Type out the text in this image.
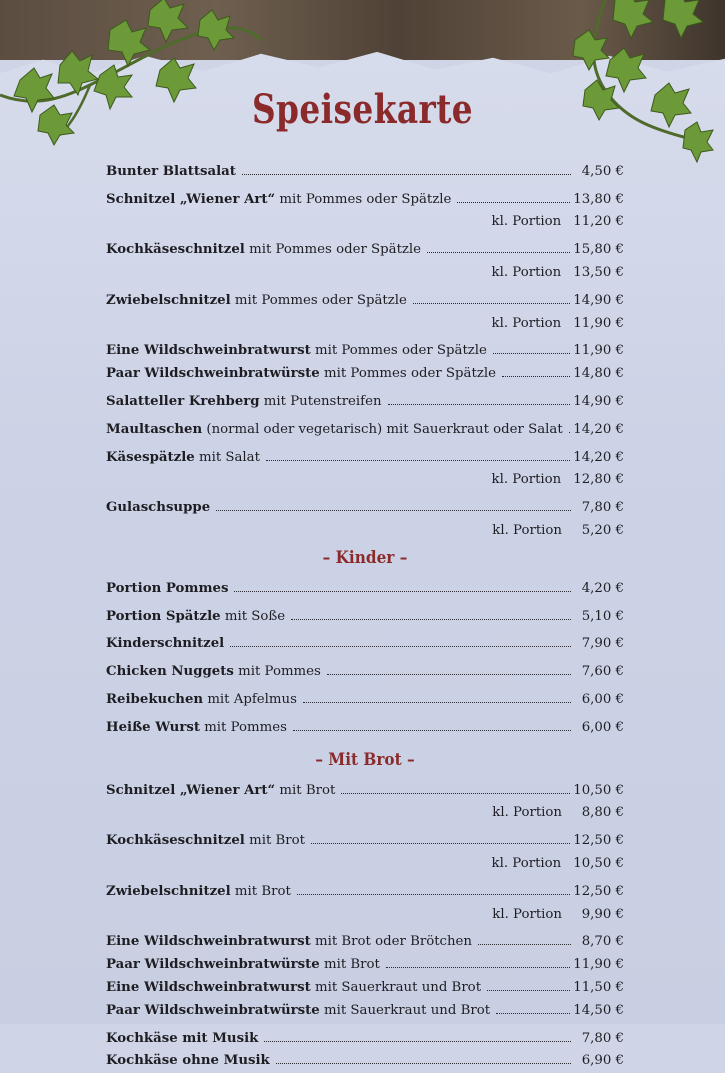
Speisekarte
Bunter Blattsalat	4,50 €
Schnitzel „Wiener Art“ mit Pommes oder Spätzle	13,80 €
kl. Portion 11,20 €
Kochkäseschnitzel mit Pommes oder Spätzle	15,80 €
kl. Portion 13,50 €
Zwiebelschnitzel mit Pommes oder Spätzle	14,90 €
kl. Portion 11,90 €
Eine Wildschweinbratwurst mit Pommes oder Spätzle	11,90 €
Paar Wildschweinbratwürste mit Pommes oder Spätzle	14,80 €
Salatteller Krehberg mit Putenstreifen	14,90 €
Maultaschen (normal oder vegetarisch) mit Sauerkraut oder Salat 14,20 €
Käsespätzle mit Salat	14,20 €
kl. Portion 12,80 €
Gulaschsuppe	7,80 €
kl. Portion	5,20 €
– Kinder –
Portion Pommes	4,20 €
Portion Spätzle mit Soße	5,10 €
Kinderschnitzel	7,90 €
Chicken Nuggets mit Pommes	7,60 €
Reibekuchen mit Apfelmus	6,00 €
Heiße Wurst mit Pommes	6,00 €
– Mit Brot –
Schnitzel „Wiener Art“ mit Brot	10,50 €
kl. Portion	8,80 €
Kochkäseschnitzel mit Brot	12,50 €
kl. Portion 10,50 €
Zwiebelschnitzel mit Brot	12,50 €
kl. Portion	9,90 €
Eine Wildschweinbratwurst mit Brot oder Brötchen	8,70 €
Paar Wildschweinbratwürste mit Brot	11,90 €
Eine Wildschweinbratwurst mit Sauerkraut und Brot	11,50 €
Paar Wildschweinbratwürste mit Sauerkraut und Brot	14,50 €
Kochkäse mit Musik	7,80 €
Kochkäse ohne Musik	6,90 €
